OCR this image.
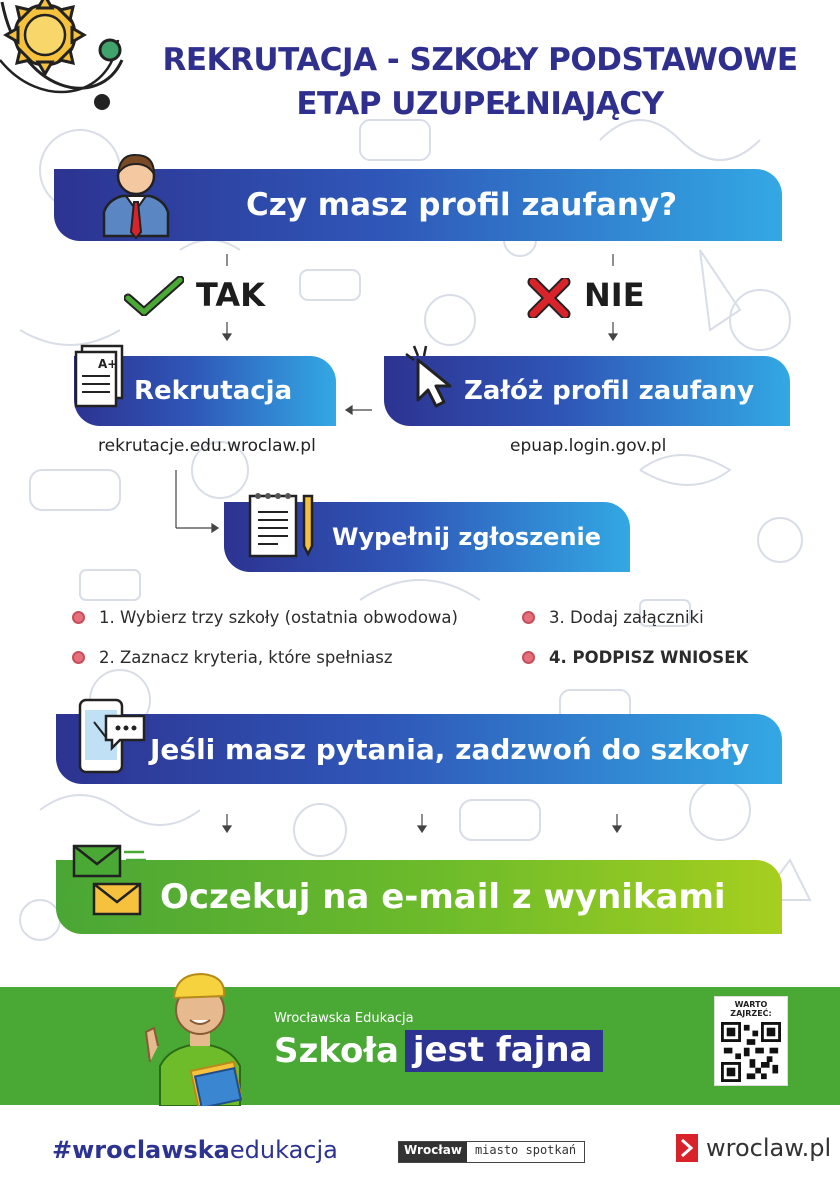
REKRUTACJA - SZKOŁY PODSTAWOWE
ETAP UZUPEŁNIAJĄCY
Czy masz profil zaufany?
TAK	NIE
Rekrutacja
A+
rekrutacje.edu.wroclaw.pl
Załóż profil zaufany
epuap.login.gov.pl
Wypełnij zgłoszenie
1. Wybierz trzy szkoły (ostatnia obwodowa)
2. Zaznacz kryteria, które spełniasz
3. Dodaj załączniki
4. PODPISZ WNIOSEK
Jeśli masz pytania, zadzwoń do szkoły
Oczekuj na e-mail z wynikami
Wrocławska Edukacja
Szkoła jest fajna
WARTO ZAJRZEĆ:
#wroclawskaedukacja	Wrocław	miasto spotkań	wroclaw.pl
